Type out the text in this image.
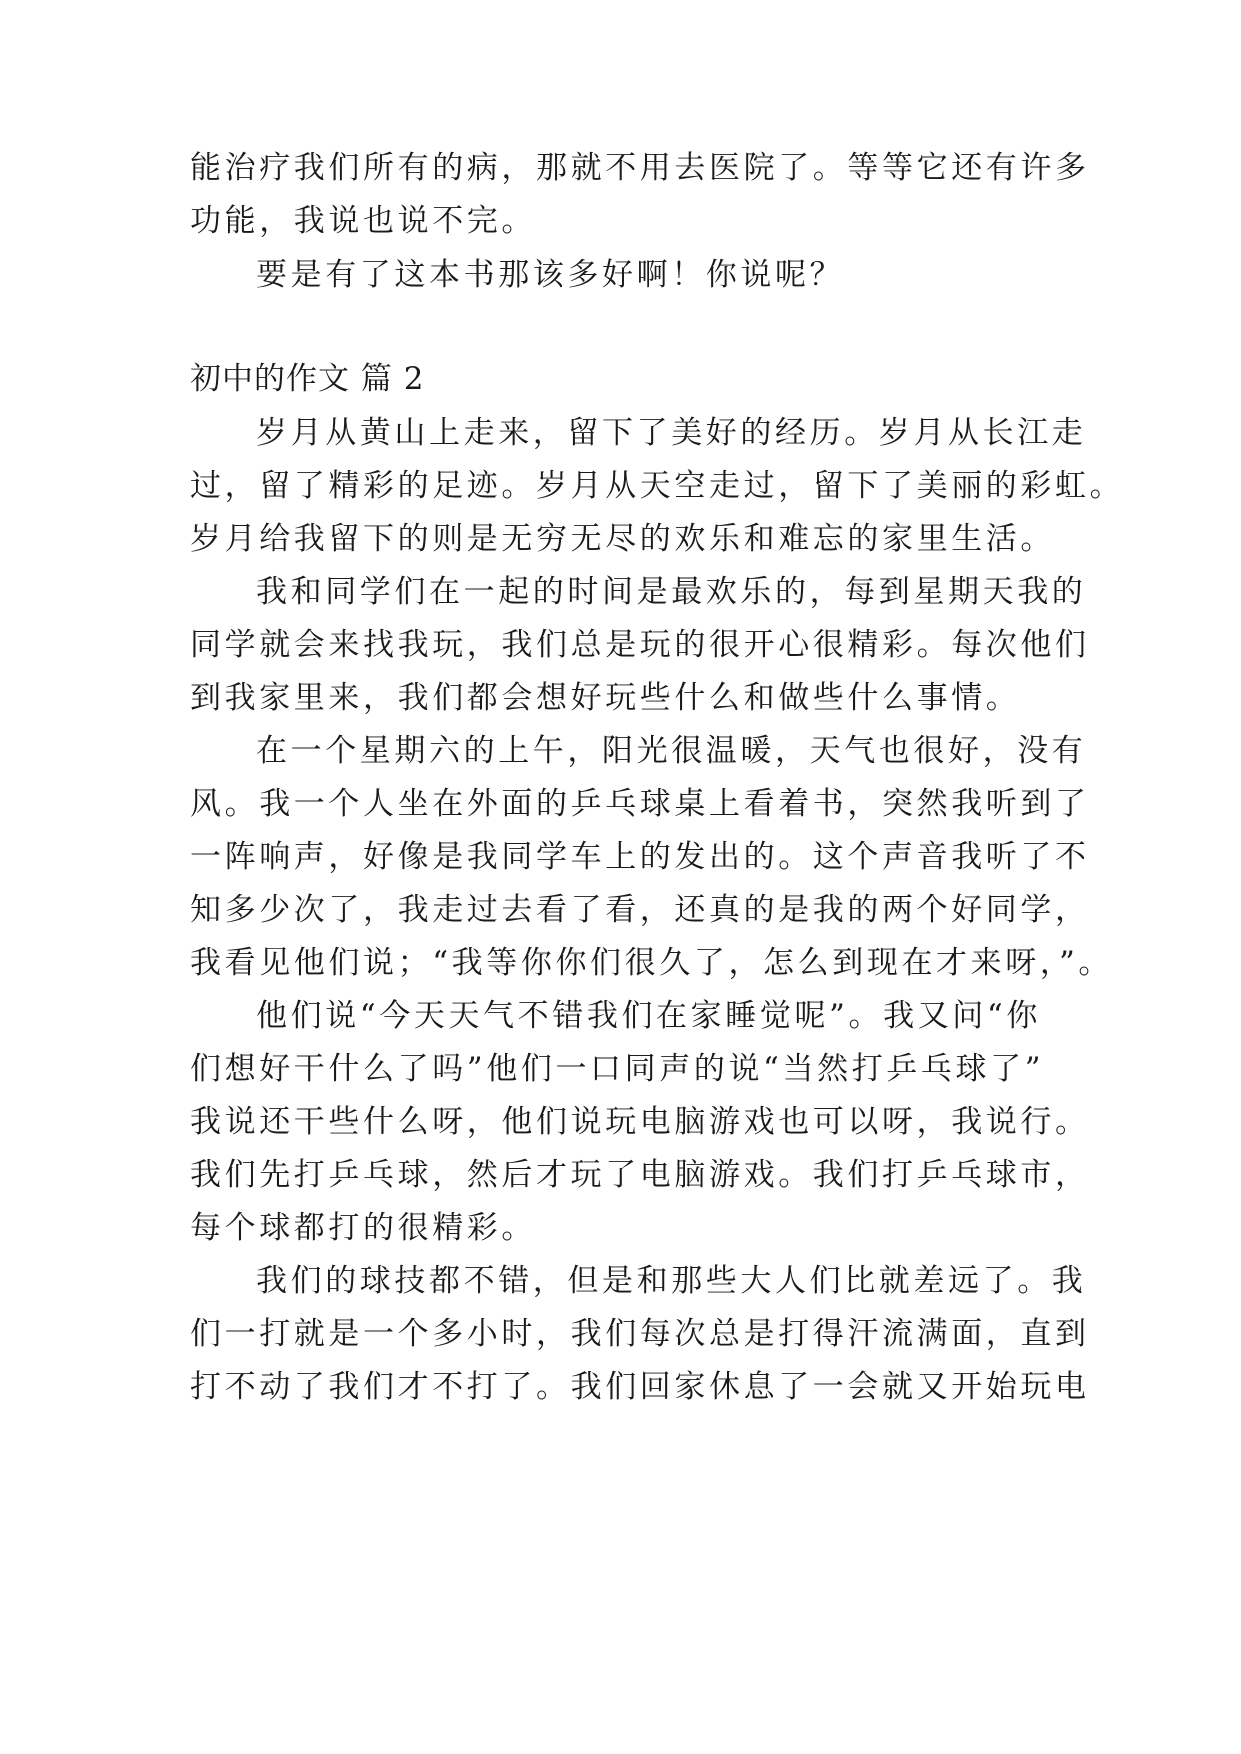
能治疗我们所有的病，那就不用去医院了。等等它还有许多

功能，我说也说不完。

要是有了这本书那该多好啊！你说呢？

初中的作文 篇 2

岁月从黄山上走来，留下了美好的经历。岁月从长江走

过，留了精彩的足迹。岁月从天空走过，留下了美丽的彩虹。

岁月给我留下的则是无穷无尽的欢乐和难忘的家里生活。

我和同学们在一起的时间是最欢乐的，每到星期天我的

同学就会来找我玩，我们总是玩的很开心很精彩。每次他们

到我家里来，我们都会想好玩些什么和做些什么事情。

在一个星期六的上午，阳光很温暖，天气也很好，没有

风。我一个人坐在外面的乒乓球桌上看着书，突然我听到了

一阵响声，好像是我同学车上的发出的。这个声音我听了不

知多少次了，我走过去看了看，还真的是我的两个好同学，

我看见他们说；“我等你你们很久了，怎么到现在才来呀，”。

他们说“今天天气不错我们在家睡觉呢”。我又问“你

们想好干什么了吗”他们一口同声的说“当然打乒乓球了”

我说还干些什么呀，他们说玩电脑游戏也可以呀，我说行。

我们先打乒乓球，然后才玩了电脑游戏。我们打乒乓球市，

每个球都打的很精彩。

我们的球技都不错，但是和那些大人们比就差远了。我

们一打就是一个多小时，我们每次总是打得汗流满面，直到

打不动了我们才不打了。我们回家休息了一会就又开始玩电
